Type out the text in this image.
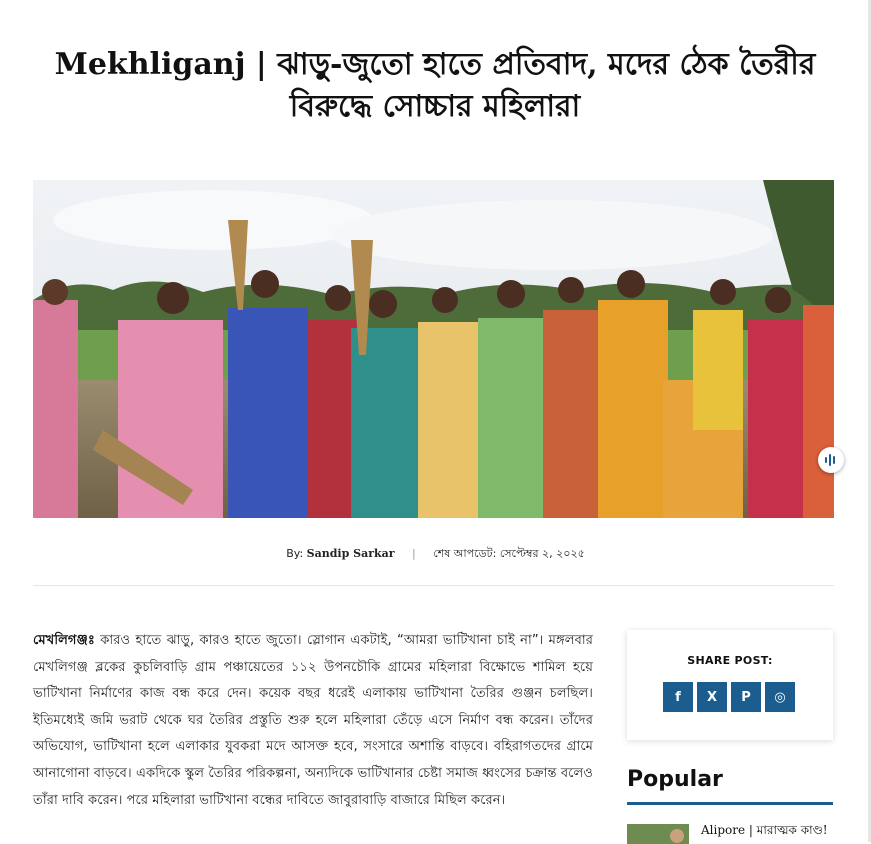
Mekhliganj | ঝাড়ু-জুতো হাতে প্রতিবাদ, মদের ঠেক তৈরীর বিরুদ্ধে সোচ্চার মহিলারা
By: Sandip Sarkar | শেষ আপডেট: সেপ্টেম্বর ২, ২০২৫
মেখলিগঞ্জঃ কারও হাতে ঝাড়ু, কারও হাতে জুতো। স্লোগান একটাই, “আমরা ভাটিখানা চাই না”। মঙ্গলবার মেখলিগঞ্জ ব্লকের কুচলিবাড়ি গ্রাম পঞ্চায়েতের ১১২ উপনচৌকি গ্রামের মহিলারা বিক্ষোভে শামিল হয়ে ভাটিখানা নির্মাণের কাজ বন্ধ করে দেন। কয়েক বছর ধরেই এলাকায় ভাটিখানা তৈরির গুঞ্জন চলছিল। ইতিমধ্যেই জমি ভরাট থেকে ঘর তৈরির প্রস্তুতি শুরু হলে মহিলারা তেঁড়ে এসে নির্মাণ বন্ধ করেন। তাঁদের অভিযোগ, ভাটিখানা হলে এলাকার যুবকরা মদে আসক্ত হবে, সংসারে অশান্তি বাড়বে। বহিরাগতদের গ্রামে আনাগোনা বাড়বে। একদিকে স্কুল তৈরির পরিকল্পনা, অন্যদিকে ভাটিখানার চেষ্টা সমাজ ধ্বংসের চক্রান্ত বলেও তাঁরা দাবি করেন। পরে মহিলারা ভাটিখানা বন্ধের দাবিতে জাবুরাবাড়ি বাজারে মিছিল করেন।
SHARE POST:
f X P ◎
Popular
Alipore | মারাত্মক কাণ্ড!
